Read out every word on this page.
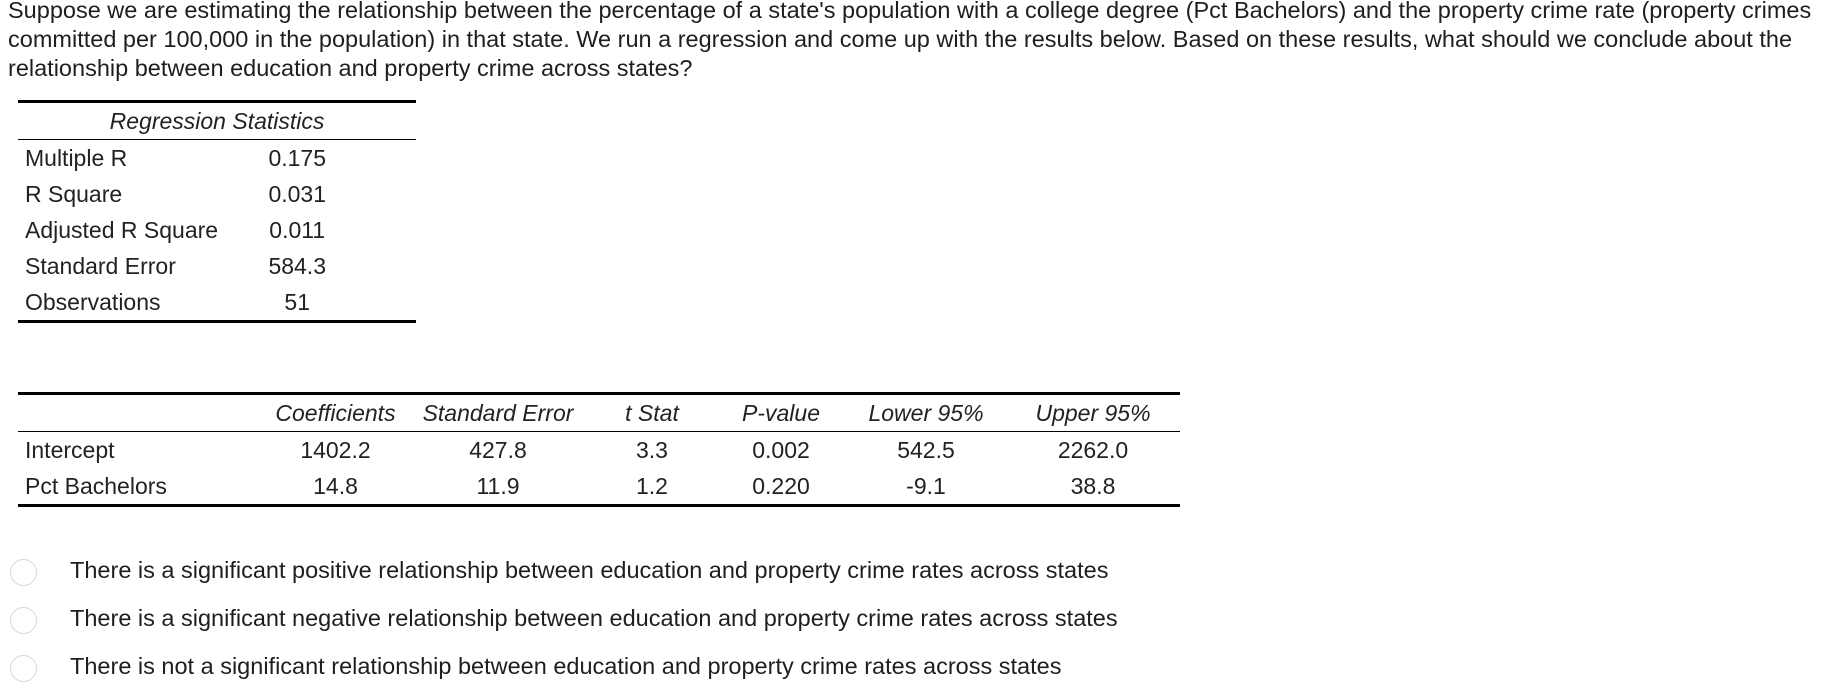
Suppose we are estimating the relationship between the percentage of a state's population with a college degree (Pct Bachelors) and the property crime rate (property crimes committed per 100,000 in the population) in that state. We run a regression and come up with the results below. Based on these results, what should we conclude about the relationship between education and property crime across states?

Regression Statistics	
Multiple R	0.175
R Square	0.031
Adjusted R Square	0.011
Standard Error	584.3
Observations	51
	Coefficients	Standard Error	t Stat	P-value	Lower 95%	Upper 95%
Intercept	1402.2	427.8	3.3	0.002	542.5	2262.0
Pct Bachelors	14.8	11.9	1.2	0.220	-9.1	38.8
There is a significant positive relationship between education and property crime rates across states
There is a significant negative relationship between education and property crime rates across states
There is not a significant relationship between education and property crime rates across states
